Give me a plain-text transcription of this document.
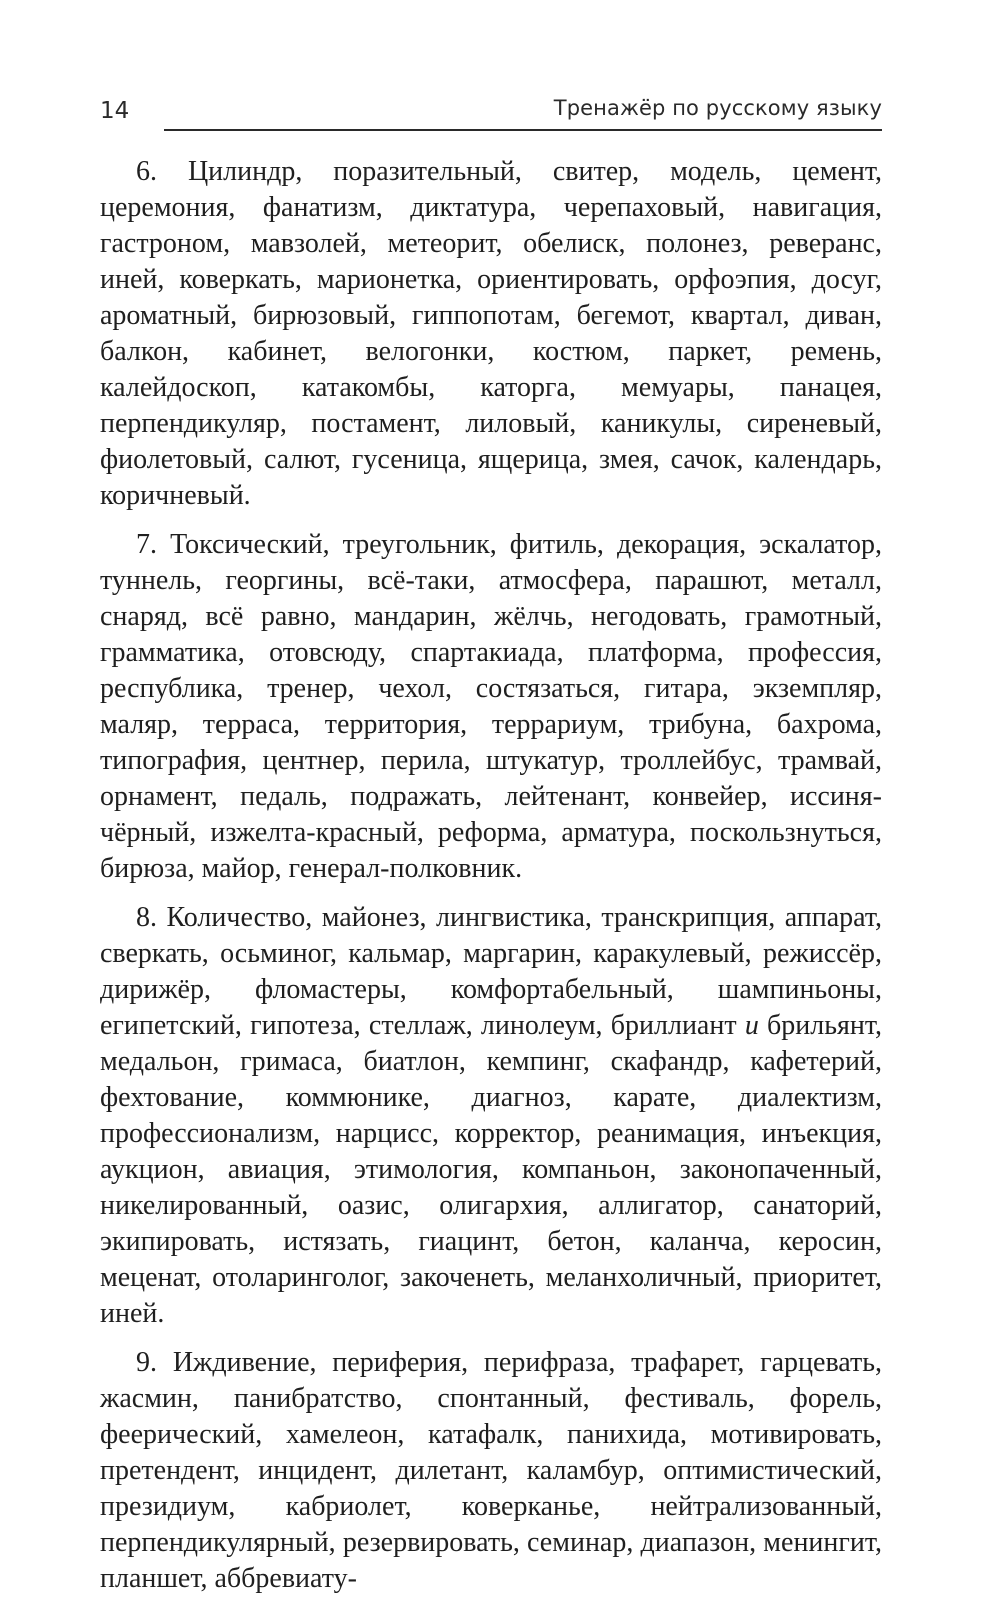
14	Тренажёр по русскому языку

6. Цилиндр, поразительный, свитер, модель, цемент, церемония, фанатизм, диктатура, черепаховый, навигация, гастроном, мавзолей, метеорит, обелиск, полонез, реверанс, иней, коверкать, марионетка, ориентировать, орфоэпия, досуг, ароматный, бирюзовый, гиппопотам, бегемот, квартал, диван, балкон, кабинет, велогонки, костюм, паркет, ремень, калейдоскоп, катакомбы, каторга, мемуары, панацея, перпендикуляр, постамент, лиловый, каникулы, сиреневый, фиолетовый, салют, гусеница, ящерица, змея, сачок, календарь, коричневый.

7. Токсический, треугольник, фитиль, декорация, эскалатор, туннель, георгины, всё-таки, атмосфера, парашют, металл, снаряд, всё равно, мандарин, жёлчь, негодовать, грамотный, грамматика, отовсюду, спартакиада, платформа, профессия, республика, тренер, чехол, состязаться, гитара, экземпляр, маляр, терраса, территория, террариум, трибуна, бахрома, типография, центнер, перила, штукатур, троллейбус, трамвай, орнамент, педаль, подражать, лейтенант, конвейер, иссиня-чёрный, изжелта-красный, реформа, арматура, поскользнуться, бирюза, майор, генерал-полковник.

8. Количество, майонез, лингвистика, транскрипция, аппарат, сверкать, осьминог, кальмар, маргарин, каракулевый, режиссёр, дирижёр, фломастеры, комфортабельный, шампиньоны, египетский, гипотеза, стеллаж, линолеум, бриллиант и брильянт, медальон, гримаса, биатлон, кемпинг, скафандр, кафетерий, фехтование, коммюнике, диагноз, карате, диалектизм, профессионализм, нарцисс, корректор, реанимация, инъекция, аукцион, авиация, этимология, компаньон, законопаченный, никелированный, оазис, олигархия, аллигатор, санаторий, экипировать, истязать, гиацинт, бетон, каланча, керосин, меценат, отоларинголог, закоченеть, меланхоличный, приоритет, иней.

9. Иждивение, периферия, перифраза, трафарет, гарцевать, жасмин, панибратство, спонтанный, фестиваль, форель, феерический, хамелеон, катафалк, панихида, мотивировать, претендент, инцидент, дилетант, каламбур, оптимистический, президиум, кабриолет, коверканье, нейтрализованный, перпендикулярный, резервировать, семинар, диапазон, менингит, планшет, аббревиату-
